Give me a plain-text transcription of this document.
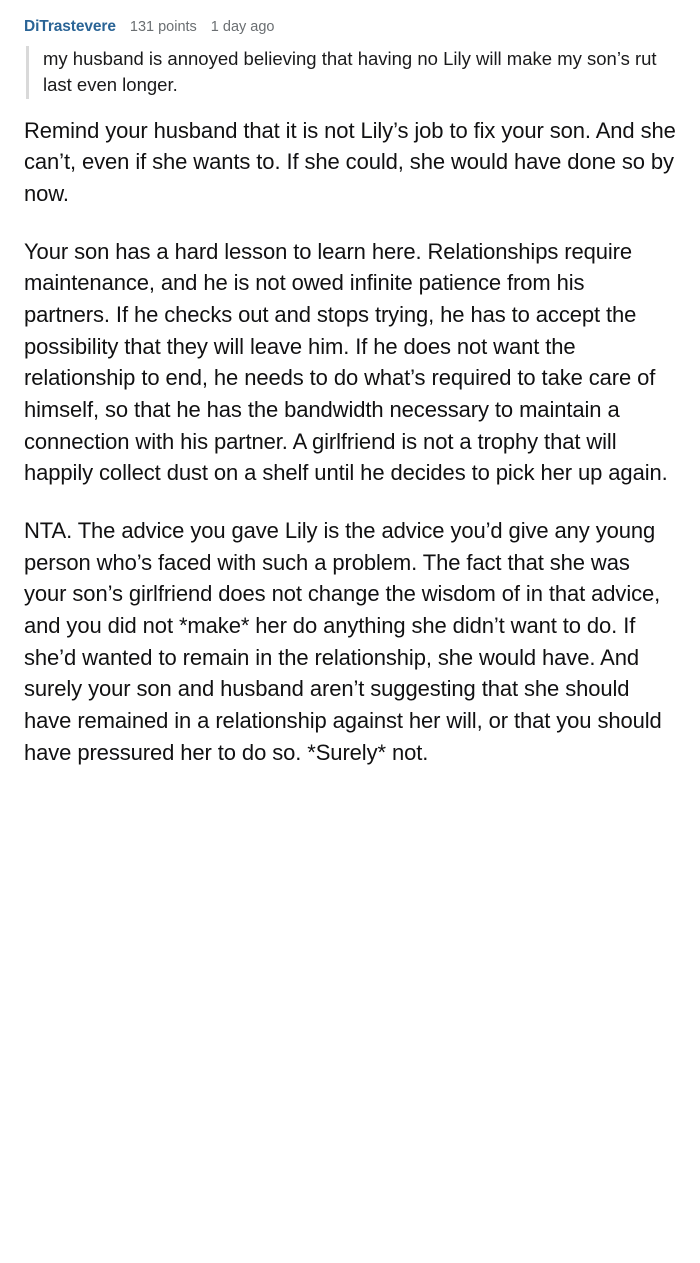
DiTrastevere 131 points 1 day ago

my husband is annoyed believing that having no Lily will make my son’s rut last even longer.

Remind your husband that it is not Lily’s job to fix your son. And she can’t, even if she wants to. If she could, she would have done so by now.

Your son has a hard lesson to learn here. Relationships require maintenance, and he is not owed infinite patience from his partners. If he checks out and stops trying, he has to accept the possibility that they will leave him. If he does not want the relationship to end, he needs to do what’s required to take care of himself, so that he has the bandwidth necessary to maintain a connection with his partner. A girlfriend is not a trophy that will happily collect dust on a shelf until he decides to pick her up again.

NTA. The advice you gave Lily is the advice you’d give any young person who’s faced with such a problem. The fact that she was your son’s girlfriend does not change the wisdom of in that advice, and you did not *make* her do anything she didn’t want to do. If she’d wanted to remain in the relationship, she would have. And surely your son and husband aren’t suggesting that she should have remained in a relationship against her will, or that you should have pressured her to do so. *Surely* not.
